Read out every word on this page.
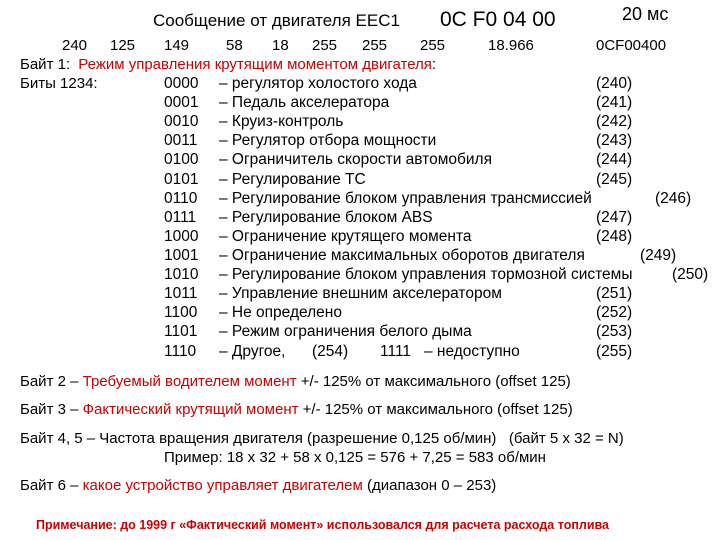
Сообщение от двигателя EEC1 0C F0 04 00	20 мс
240 125 149 58 18 255 255 255	18.966	0CF00400
Байт 1: Режим управления крутящим моментом двигателя:
Биты 1234:	0000 – регулятор холостого хода	(240)
0001 – Педаль акселератора	(241)
0010 – Круиз-контроль	(242)
0011 – Регулятор отбора мощности	(243)
0100 – Ограничитель скорости автомобиля	(244)
0101 – Регулирование ТС	(245)
0110 – Регулирование блоком управления трансмиссией	(246)
0111 – Регулирование блоком ABS	(247)
1000 – Ограничение крутящего момента	(248)
1001 – Ограничение максимальных оборотов двигателя	(249)
1010 – Регулирование блоком управления тормозной системы	(250)
1011 – Управление внешним акселератором	(251)
1100 – Не определено	(252)
1101 – Режим ограничения белого дыма	(253)
1110 – Другое, (254) 1111 – недоступно	(255)
Байт 2 – Требуемый водителем момент +/- 125% от максимального (offset 125)
Байт 3 – Фактический крутящий момент +/- 125% от максимального (offset 125)
Байт 4, 5 – Частота вращения двигателя (разрешение 0,125 об/мин)   (байт 5 х 32 = N)
Пример: 18 х 32 + 58 х 0,125 = 576 + 7,25 = 583 об/мин
Байт 6 – какое устройство управляет двигателем (диапазон 0 – 253)
Примечание: до 1999 г «Фактический момент» использовался для расчета расхода топлива
